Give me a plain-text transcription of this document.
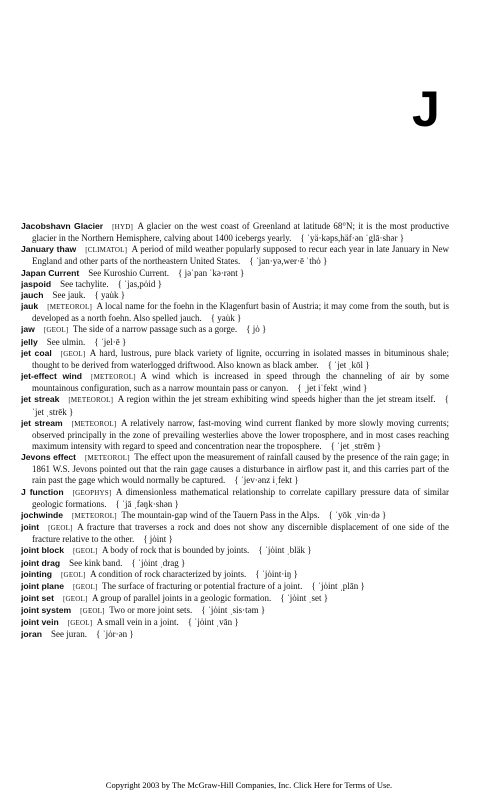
J
Jacobshavn Glacier  [HYD]  A glacier on the west coast of Greenland at latitude 68°N; it is the most productive glacier in the Northern Hemisphere, calving about 1400 icebergs yearly.  { ˈyä·kəps,häf·ən ˈglā·shər }
January thaw  [CLIMATOL]  A period of mild weather popularly supposed to recur each year in late January in New England and other parts of the northeastern United States.  { ˈjan·yə,wer·ē ˈthȯ }
Japan Current  See Kuroshio Current.  { jəˈpan ˈkə·rənt }
jaspoid  See tachylite.  { ˈjas,pȯid }
jauch  See jauk.  { yau̇k }
jauk  [METEOROL]  A local name for the foehn in the Klagenfurt basin of Austria; it may come from the south, but is developed as a north foehn. Also spelled jauch.  { yau̇k }
jaw  [GEOL]  The side of a narrow passage such as a gorge.  { jȯ }
jelly  See ulmin.  { ˈjel·ē }
jet coal  [GEOL]  A hard, lustrous, pure black variety of lignite, occurring in isolated masses in bituminous shale; thought to be derived from waterlogged driftwood. Also known as black amber.  { ˈjet ˌkōl }
jet-effect wind  [METEOROL]  A wind which is increased in speed through the channeling of air by some mountainous configuration, such as a narrow mountain pass or canyon.  { ˌjet iˈfekt ˌwind }
jet streak  [METEOROL]  A region within the jet stream exhibiting wind speeds higher than the jet stream itself.  { ˈjet ˌstrēk }
jet stream  [METEOROL]  A relatively narrow, fast-moving wind current flanked by more slowly moving currents; observed principally in the zone of prevailing westerlies above the lower troposphere, and in most cases reaching maximum intensity with regard to speed and concentration near the troposphere.  { ˈjet ˌstrēm }
Jevons effect  [METEOROL]  The effect upon the measurement of rainfall caused by the presence of the rain gage; in 1861 W.S. Jevons pointed out that the rain gage causes a disturbance in airflow past it, and this carries part of the rain past the gage which would normally be captured.  { ˈjev·ənz iˌfekt }
J function  [GEOPHYS]  A dimensionless mathematical relationship to correlate capillary pressure data of similar geologic formations.  { ˈjā ˌfəŋk·shən }
jochwinde  [METEOROL]  The mountain-gap wind of the Tauern Pass in the Alps.  { ˈyōk ˌvin·də }
joint  [GEOL]  A fracture that traverses a rock and does not show any discernible displacement of one side of the fracture relative to the other.  { jȯint }
joint block  [GEOL]  A body of rock that is bounded by joints.  { ˈjȯint ˌbläk }
joint drag  See kink band.  { ˈjȯint ˌdrag }
jointing  [GEOL]  A condition of rock characterized by joints.  { ˈjȯint·iŋ }
joint plane  [GEOL]  The surface of fracturing or potential fracture of a joint.  { ˈjȯint ˌplān }
joint set  [GEOL]  A group of parallel joints in a geologic formation.  { ˈjȯint ˌset }
joint system  [GEOL]  Two or more joint sets.  { ˈjȯint ˌsis·təm }
joint vein  [GEOL]  A small vein in a joint.  { ˈjȯint ˌvān }
joran  See juran.  { ˈjȯr·ən }
Copyright 2003 by The McGraw-Hill Companies, Inc. Click Here for Terms of Use.
